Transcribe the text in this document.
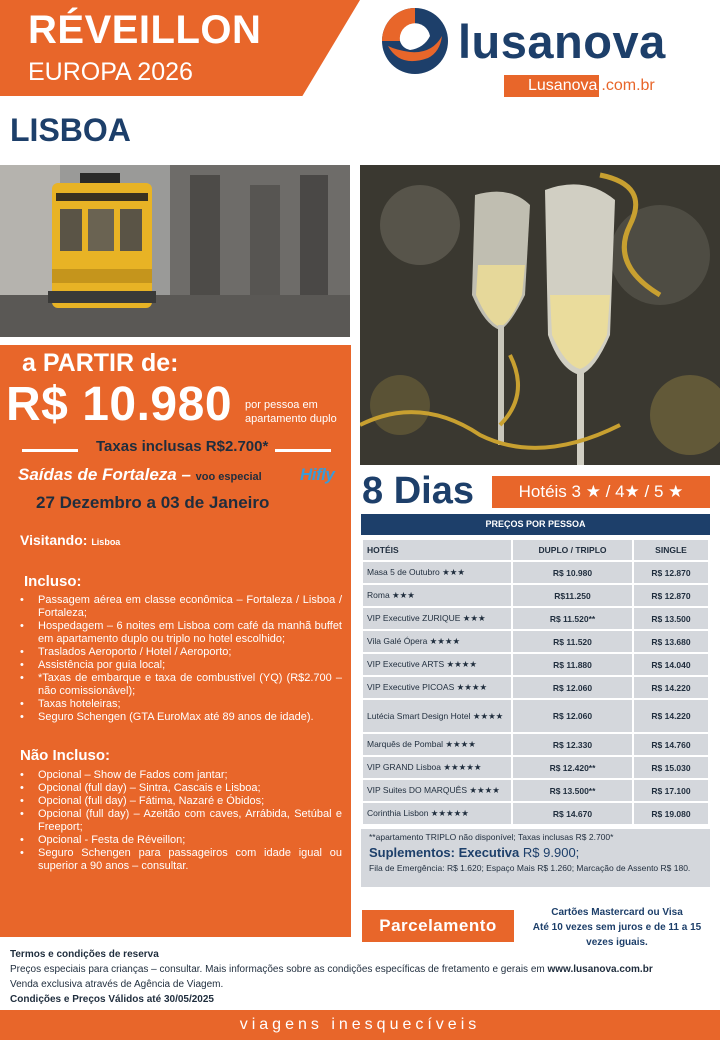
RÉVEILLON
EUROPA 2026
lusanova
Lusanova .com.br
LISBOA
a PARTIR de:
R$ 10.980 por pessoa em apartamento duplo
Taxas inclusas R$2.700*
Saídas de Fortaleza – voo especial Hifly
27 Dezembro a 03 de Janeiro
Visitando: Lisboa
Incluso:
• Passagem aérea em classe econômica – Fortaleza / Lisboa / Fortaleza;
• Hospedagem – 6 noites em Lisboa com café da manhã buffet em apartamento duplo ou triplo no hotel escolhido;
• Traslados Aeroporto / Hotel / Aeroporto;
• Assistência por guia local;
• *Taxas de embarque e taxa de combustível (YQ) (R$2.700 – não comissionável);
• Taxas hoteleiras;
• Seguro Schengen (GTA EuroMax até 89 anos de idade).
Não Incluso:
• Opcional – Show de Fados com jantar;
• Opcional (full day) – Sintra, Cascais e Lisboa;
• Opcional (full day) – Fátima, Nazaré e Óbidos;
• Opcional (full day) – Azeitão com caves, Arrábida, Setúbal e Freeport;
• Opcional - Festa de Réveillon;
• Seguro Schengen para passageiros com idade igual ou superior a 90 anos – consultar.
8 Dias	Hotéis 3 ★ / 4★ / 5 ★
PREÇOS POR PESSOA
HOTÉIS	DUPLO / TRIPLO	SINGLE
Masa 5 de Outubro ★★★	R$ 10.980	R$ 12.870
Roma ★★★	R$11.250	R$ 12.870
VIP Executive ZURIQUE ★★★	R$ 11.520**	R$ 13.500
Vila Galé Ópera ★★★★	R$ 11.520	R$ 13.680
VIP Executive ARTS ★★★★	R$ 11.880	R$ 14.040
VIP Executive PICOAS ★★★★	R$ 12.060	R$ 14.220
Lutécia Smart Design Hotel ★★★★	R$ 12.060	R$ 14.220
Marquês de Pombal ★★★★	R$ 12.330	R$ 14.760
VIP GRAND Lisboa ★★★★★	R$ 12.420**	R$ 15.030
VIP Suites DO MARQUÊS ★★★★	R$ 13.500**	R$ 17.100
Corinthia Lisbon ★★★★★	R$ 14.670	R$ 19.080
**apartamento TRIPLO não disponível; Taxas inclusas R$ 2.700*
Suplementos: Executiva R$ 9.900;
Fila de Emergência: R$ 1.620; Espaço Mais R$ 1.260; Marcação de Assento R$ 180.
Parcelamento
Cartões Mastercard ou Visa
Até 10 vezes sem juros e de 11 a 15
vezes iguais.
Termos e condições de reserva
Preços especiais para crianças – consultar. Mais informações sobre as condições específicas de fretamento e gerais em www.lusanova.com.br
Venda exclusiva através de Agência de Viagem.
Condições e Preços Válidos até 30/05/2025
viagens inesquecíveis
